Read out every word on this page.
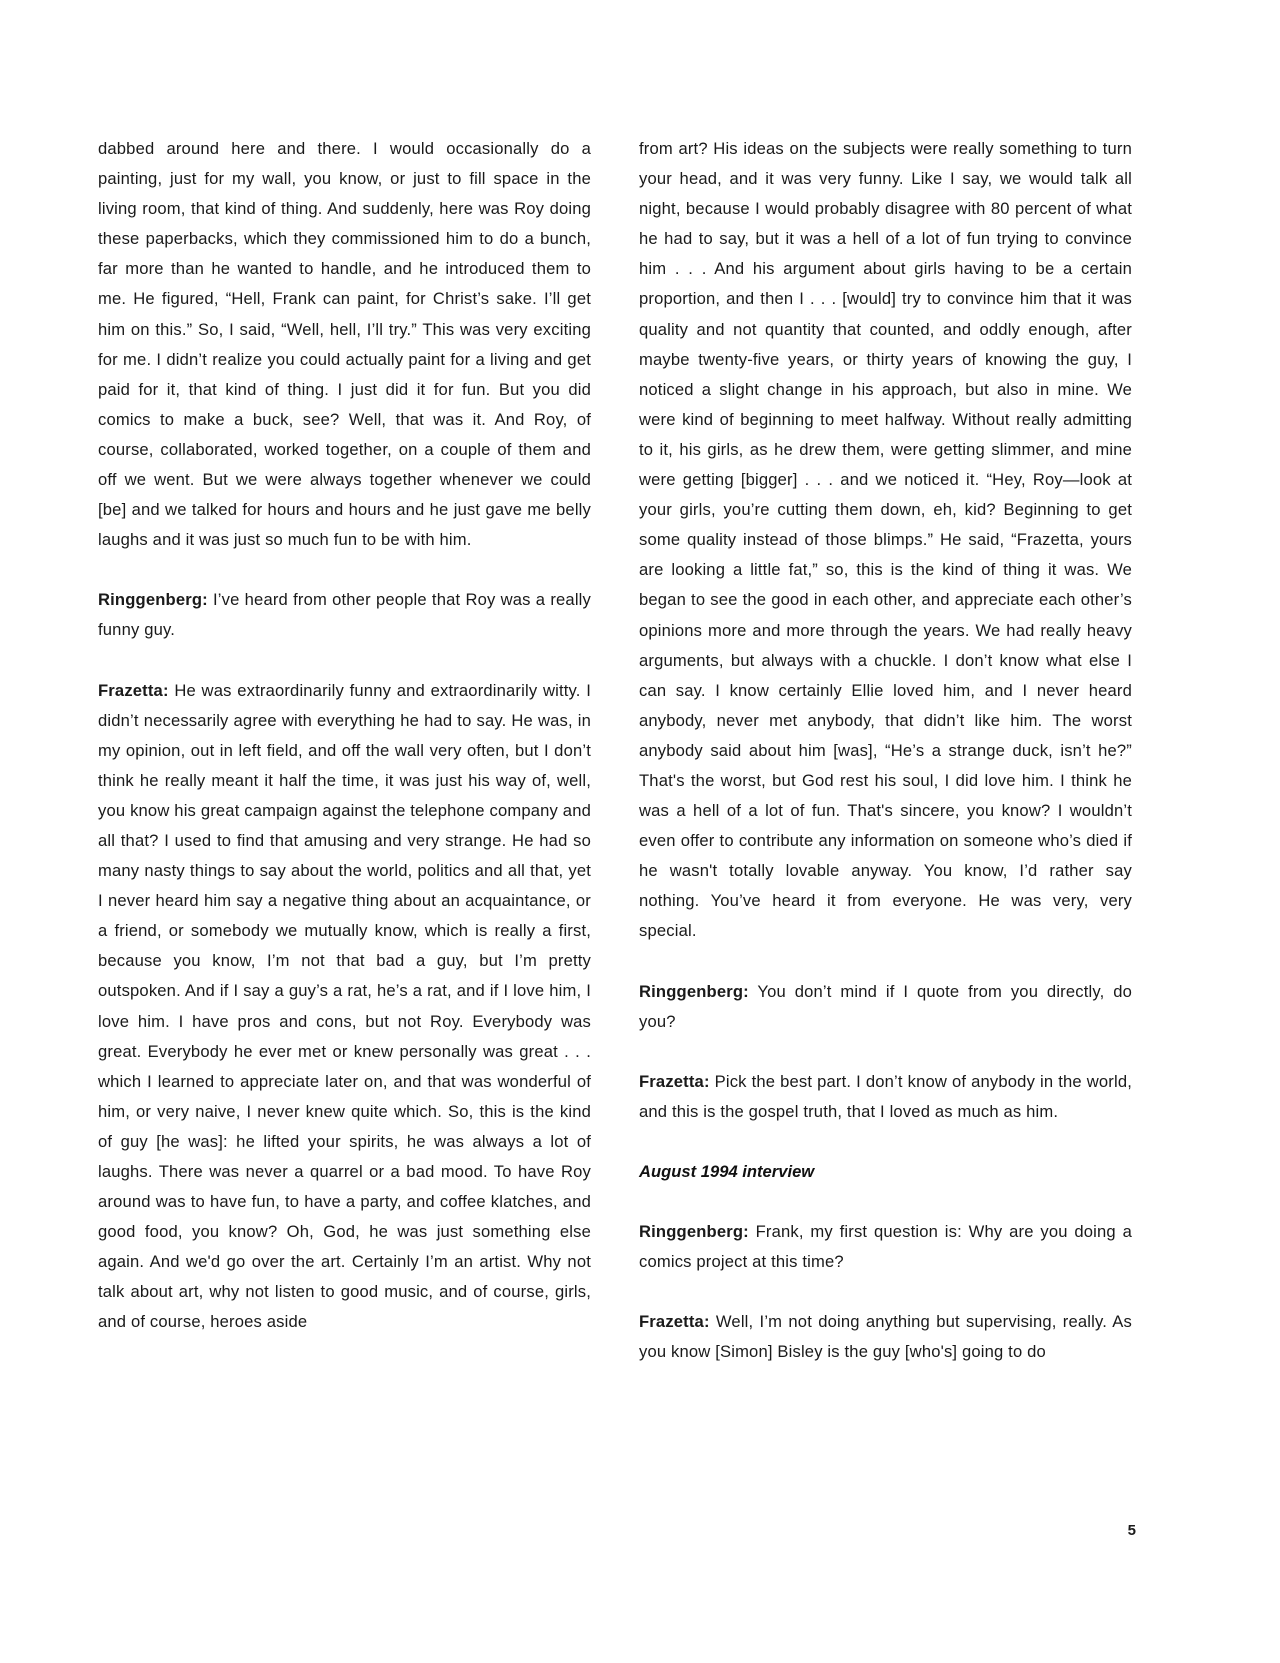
dabbed around here and there. I would occasionally do a painting, just for my wall, you know, or just to fill space in the living room, that kind of thing. And suddenly, here was Roy doing these paperbacks, which they commissioned him to do a bunch, far more than he wanted to handle, and he introduced them to me. He figured, “Hell, Frank can paint, for Christ’s sake. I’ll get him on this.” So, I said, “Well, hell, I’ll try.” This was very exciting for me. I didn’t realize you could actually paint for a living and get paid for it, that kind of thing. I just did it for fun. But you did comics to make a buck, see? Well, that was it. And Roy, of course, collaborated, worked together, on a couple of them and off we went. But we were always together whenever we could [be] and we talked for hours and hours and he just gave me belly laughs and it was just so much fun to be with him.

Ringgenberg: I’ve heard from other people that Roy was a really funny guy.

Frazetta: He was extraordinarily funny and extraordinarily witty. I didn’t necessarily agree with everything he had to say. He was, in my opinion, out in left field, and off the wall very often, but I don’t think he really meant it half the time, it was just his way of, well, you know his great campaign against the telephone company and all that? I used to find that amusing and very strange. He had so many nasty things to say about the world, politics and all that, yet I never heard him say a negative thing about an acquaintance, or a friend, or somebody we mutually know, which is really a first, because you know, I’m not that bad a guy, but I’m pretty outspoken. And if I say a guy’s a rat, he’s a rat, and if I love him, I love him. I have pros and cons, but not Roy. Everybody was great. Everybody he ever met or knew personally was great . . . which I learned to appreciate later on, and that was wonderful of him, or very naive, I never knew quite which. So, this is the kind of guy [he was]: he lifted your spirits, he was always a lot of laughs. There was never a quarrel or a bad mood. To have Roy around was to have fun, to have a party, and coffee klatches, and good food, you know? Oh, God, he was just something else again. And we'd go over the art. Certainly I’m an artist. Why not talk about art, why not listen to good music, and of course, girls, and of course, heroes aside

from art? His ideas on the subjects were really something to turn your head, and it was very funny. Like I say, we would talk all night, because I would probably disagree with 80 percent of what he had to say, but it was a hell of a lot of fun trying to convince him . . . And his argument about girls having to be a certain proportion, and then I . . . [would] try to convince him that it was quality and not quantity that counted, and oddly enough, after maybe twenty-five years, or thirty years of knowing the guy, I noticed a slight change in his approach, but also in mine. We were kind of beginning to meet halfway. Without really admitting to it, his girls, as he drew them, were getting slimmer, and mine were getting [bigger] . . . and we noticed it. “Hey, Roy—look at your girls, you’re cutting them down, eh, kid? Beginning to get some quality instead of those blimps.” He said, “Frazetta, yours are looking a little fat,” so, this is the kind of thing it was. We began to see the good in each other, and appreciate each other’s opinions more and more through the years. We had really heavy arguments, but always with a chuckle. I don’t know what else I can say. I know certainly Ellie loved him, and I never heard anybody, never met anybody, that didn’t like him. The worst anybody said about him [was], “He’s a strange duck, isn’t he?” That's the worst, but God rest his soul, I did love him. I think he was a hell of a lot of fun. That's sincere, you know? I wouldn’t even offer to contribute any information on someone who’s died if he wasn't totally lovable anyway. You know, I’d rather say nothing. You’ve heard it from everyone. He was very, very special.

Ringgenberg: You don’t mind if I quote from you directly, do you?

Frazetta: Pick the best part. I don’t know of anybody in the world, and this is the gospel truth, that I loved as much as him.

August 1994 interview

Ringgenberg: Frank, my first question is: Why are you doing a comics project at this time?

Frazetta: Well, I’m not doing anything but supervising, really. As you know [Simon] Bisley is the guy [who's] going to do

5
